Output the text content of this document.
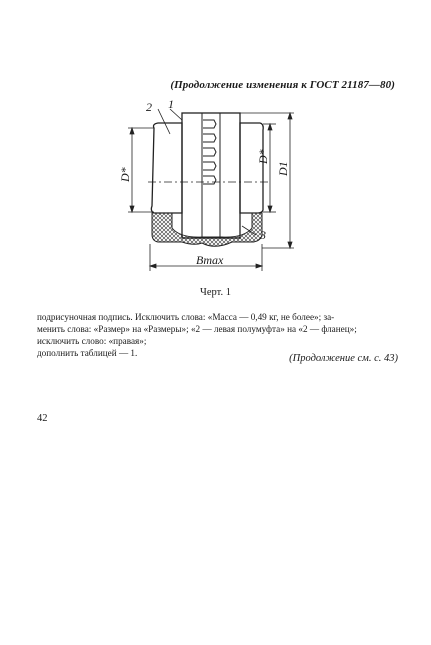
(Продолжение изменения к ГОСТ 21187—80)
2 1
3
D*
D*
D1
Bmax
Черт. 1

подрисуночная подпись. Исключить слова: «Масса — 0,49 кг, не более»; за-

менить слова: «Размер» на «Размеры»; «2 — левая полумуфта» на «2 — фланец»;

исключить слово: «правая»;

дополнить таблицей — 1.	(Продолжение см. с. 43)
42
